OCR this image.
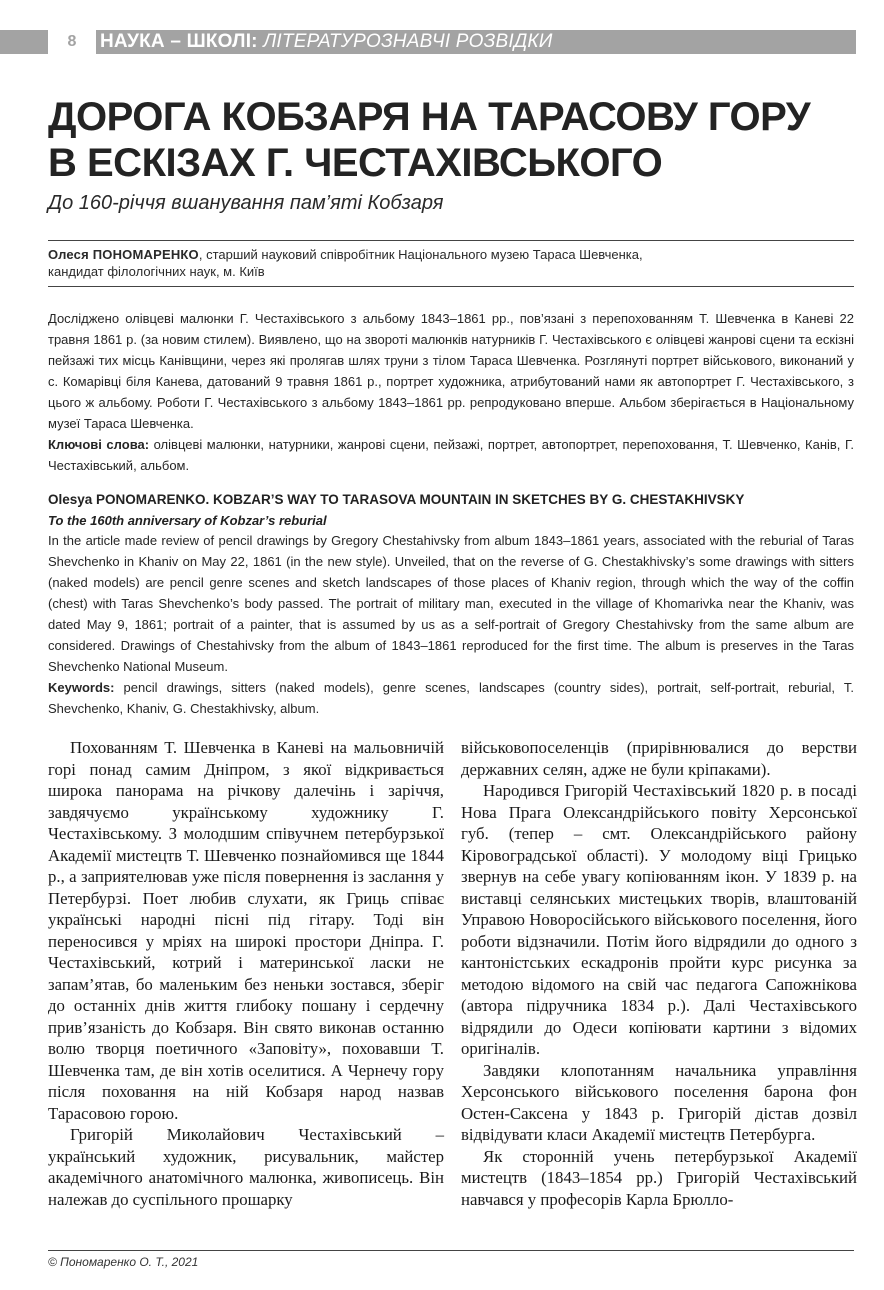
8	НАУКА – ШКОЛІ: ЛІТЕРАТУРОЗНАВЧІ РОЗВІДКИ
ДОРОГА КОБЗАРЯ НА ТАРАСОВУ ГОРУ
В ЕСКІЗАХ Г. ЧЕСТАХІВСЬКОГО

До 160-річчя вшанування пам’яті Кобзаря

Олеся ПОНОМАРЕНКО, старший науковий співробітник Національного музею Тараса Шевченка,
кандидат філологічних наук, м. Київ

Досліджено олівцеві малюнки Г. Честахівського з альбому 1843–1861 рр., пов’язані з перепохованням Т. Шевченка в Каневі 22 травня 1861 р. (за новим стилем). Виявлено, що на звороті малюнків натурників Г. Честахівського є олівцеві жанрові сцени та ескізні пейзажі тих місць Канівщини, через які пролягав шлях труни з тілом Тараса Шевченка. Розглянуті портрет військового, виконаний у с. Комарівці біля Канева, датований 9 травня 1861 р., портрет художника, атрибутований нами як автопортрет Г. Честахівського, з цього ж альбому. Роботи Г. Честахівського з альбому 1843–1861 рр. репродуковано вперше. Альбом зберігається в Національному музеї Тараса Шевченка.
Ключові слова: олівцеві малюнки, натурники, жанрові сцени, пейзажі, портрет, автопортрет, перепоховання, Т. Шевченко, Канів, Г. Честахівський, альбом.

Olesya PONOMARENKO. KOBZAR’S WAY TO TARASOVA MOUNTAIN IN SKETCHES BY G. CHESTAKHIVSKY
To the 160th anniversary of Kobzar’s reburial

In the article made review of pencil drawings by Gregory Chestahivsky from album 1843–1861 years, associated with the reburial of Taras Shevchenko in Khaniv on May 22, 1861 (in the new style). Unveiled, that on the reverse of G. Chestakhivsky’s some drawings with sitters (naked models) are pencil genre scenes and sketch landscapes of those places of Khaniv region, through which the way of the coffin (chest) with Taras Shevchenko’s body passed. The portrait of military man, executed in the village of Khomarivka near the Khaniv, was dated May 9, 1861; portrait of a painter, that is assumed by us as a self-portrait of Gregory Chestahivsky from the same album are considered. Drawings of Chestahivsky from the album of 1843–1861 reproduced for the first time. The album is preserves in the Taras Shevchenko National Museum.
Keywords: pencil drawings, sitters (naked models), genre scenes, landscapes (country sides), portrait, self-portrait, reburial, T. Shevchenko, Khaniv, G. Chestakhivsky, album.

Похованням Т. Шевченка в Каневі на мальовничій горі понад самим Дніпром, з якої відкривається широка панорама на річкову далечінь і заріччя, завдячуємо українському художнику Г. Честахівському. З молодшим співучнем петербурзької Академії мистецтв Т. Шевченко познайомився ще 1844 р., а заприятелював уже після повернення із заслання у Петербурзі. Поет любив слухати, як Гриць співає українські народні пісні під гітару. Тоді він переносився у мріях на широкі простори Дніпра. Г. Честахівський, котрий і материнської ласки не запам’ятав, бо маленьким без неньки зостався, зберіг до останніх днів життя глибоку пошану і сердечну прив’язаність до Кобзаря. Він свято виконав останню волю творця поетичного «Заповіту», поховавши Т. Шевченка там, де він хотів оселитися. А Чернечу гору після поховання на ній Кобзаря народ назвав Тарасовою горою.

Григорій Миколайович Честахівський – український художник, рисувальник, майстер академічного анатомічного малюнка, живописець. Він належав до суспільного прошарку

військовопоселенців (прирівнювалися до верстви державних селян, адже не були кріпаками).

Народився Григорій Честахівський 1820 р. в посаді Нова Прага Олександрійського повіту Херсонської губ. (тепер – смт. Олександрійського району Кіровоградської області). У молодому віці Грицько звернув на себе увагу копіюванням ікон. У 1839 р. на виставці селянських мистецьких творів, влаштованій Управою Новоросійського військового поселення, його роботи відзначили. Потім його відрядили до одного з кантоністських ескадронів пройти курс рисунка за методою відомого на свій час педагога Сапожнікова (автора підручника 1834 р.). Далі Честахівського відрядили до Одеси копіювати картини з відомих оригіналів.

Завдяки клопотанням начальника управління Херсонського військового поселення барона фон Остен-Саксена у 1843 р. Григорій дістав дозвіл відвідувати класи Академії мистецтв Петербурга.

Як сторонній учень петербурзької Академії мистецтв (1843–1854 рр.) Григорій Честахівський навчався у професорів Карла Брюлло-

© Пономаренко О. Т., 2021
